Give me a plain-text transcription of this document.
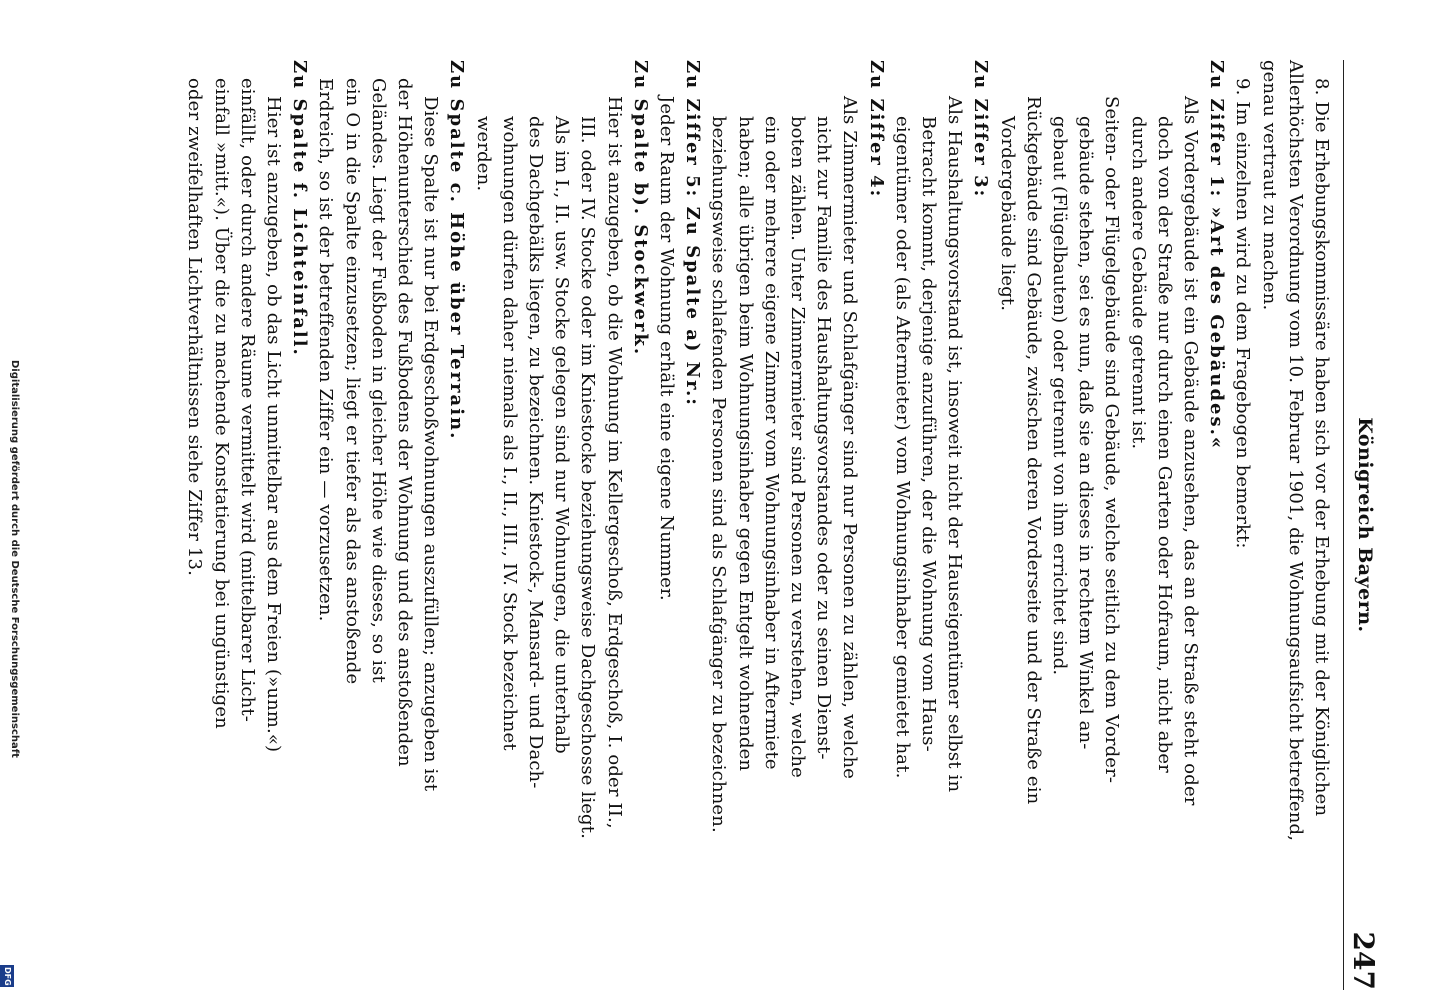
Königreich Bayern.
247
8. Die Erhebungskommissäre haben sich vor der Erhebung mit der Königlichen
Allerhöchsten Verordnung vom 10. Februar 1901, die Wohnungsaufsicht betreffend,
genau vertraut zu machen.
9. Im einzelnen wird zu dem Fragebogen bemerkt:
Zu Ziffer 1: »Art des Gebäudes.«
Als Vordergebäude ist ein Gebäude anzusehen, das an der Straße steht oder
doch von der Straße nur durch einen Garten oder Hofraum, nicht aber
durch andere Gebäude getrennt ist.
Seiten- oder Flügelgebäude sind Gebäude, welche seitlich zu dem Vorder-
gebäude stehen, sei es nun, daß sie an dieses in rechtem Winkel an-
gebaut (Flügelbauten) oder getrennt von ihm errichtet sind.
Rückgebäude sind Gebäude, zwischen deren Vorderseite und der Straße ein
Vordergebäude liegt.
Zu Ziffer 3:
Als Haushaltungsvorstand ist, insoweit nicht der Hauseigentümer selbst in
Betracht kommt, derjenige anzuführen, der die Wohnung vom Haus-
eigentümer oder (als Aftermieter) vom Wohnungsinhaber gemietet hat.
Zu Ziffer 4:
Als Zimmermieter und Schlafgänger sind nur Personen zu zählen, welche
nicht zur Familie des Haushaltungsvorstandes oder zu seinen Dienst-
boten zählen. Unter Zimmermieter sind Personen zu verstehen, welche
ein oder mehrere eigene Zimmer vom Wohnungsinhaber in Aftermiete
haben; alle übrigen beim Wohnungsinhaber gegen Entgelt wohnenden
beziehungsweise schlafenden Personen sind als Schlafgänger zu bezeichnen.
Zu Ziffer 5: Zu Spalte a) Nr.:
Jeder Raum der Wohnung erhält eine eigene Nummer.
Zu Spalte b). Stockwerk.
Hier ist anzugeben, ob die Wohnung im Kellergeschoß, Erdgeschoß, I. oder II.,
III. oder IV. Stocke oder im Kniestocke beziehungsweise Dachgeschosse liegt.
Als im I., II. usw. Stocke gelegen sind nur Wohnungen, die unterhalb
des Dachgebälks liegen, zu bezeichnen. Kniestock-, Mansard- und Dach-
wohnungen dürfen daher niemals als I., II., III., IV. Stock bezeichnet
werden.
Zu Spalte c. Höhe über Terrain.
Diese Spalte ist nur bei Erdgeschoßwohnungen auszufüllen; anzugeben ist
der Höhenunterschied des Fußbodens der Wohnung und des anstoßenden
Geländes. Liegt der Fußboden in gleicher Höhe wie dieses, so ist
ein O in die Spalte einzusetzen; liegt er tiefer als das anstoßende
Erdreich, so ist der betreffenden Ziffer ein — vorzusetzen.
Zu Spalte f. Lichteinfall.
Hier ist anzugeben, ob das Licht unmittelbar aus dem Freien (»unm.«)
einfällt, oder durch andere Räume vermittelt wird (mittelbarer Licht-
einfall »mitt.«). Über die zu machende Konstatierung bei ungünstigen
oder zweifelhaften Lichtverhältnissen siehe Ziffer 13.
Digitalisierung gefördert durch die Deutsche Forschungsgemeinschaft
DFG
